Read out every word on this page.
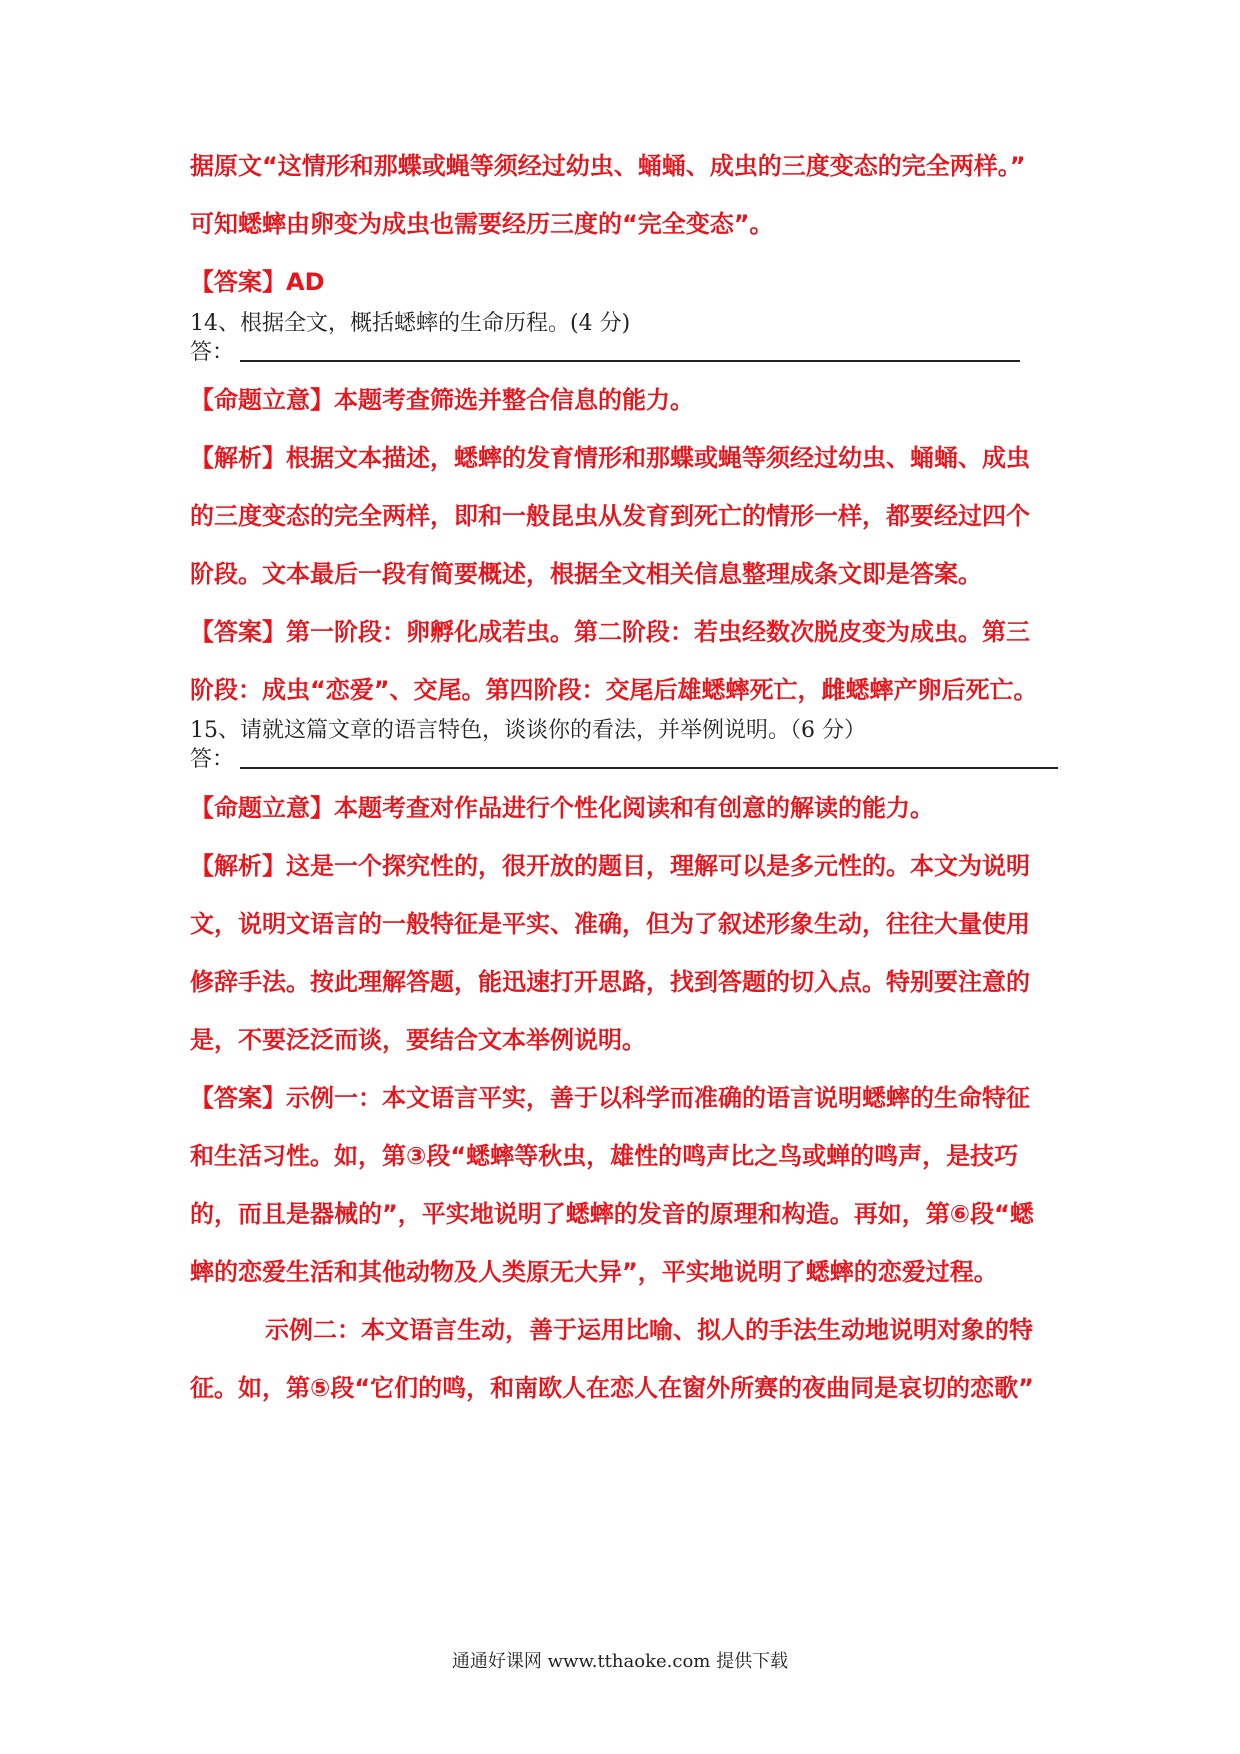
据原文“这情形和那蝶或蝇等须经过幼虫、蛹蛹、成虫的三度变态的完全两样。”
可知蟋蟀由卵变为成虫也需要经历三度的“完全变态”。
【答案】AD
14、根据全文，概括蟋蟀的生命历程。(4 分)
答：
【命题立意】本题考查筛选并整合信息的能力。
【解析】根据文本描述，蟋蟀的发育情形和那蝶或蝇等须经过幼虫、蛹蛹、成虫
的三度变态的完全两样，即和一般昆虫从发育到死亡的情形一样，都要经过四个
阶段。文本最后一段有简要概述，根据全文相关信息整理成条文即是答案。
【答案】第一阶段：卵孵化成若虫。第二阶段：若虫经数次脱皮变为成虫。第三
阶段：成虫“恋爱”、交尾。第四阶段：交尾后雄蟋蟀死亡，雌蟋蟀产卵后死亡。
15、请就这篇文章的语言特色，谈谈你的看法，并举例说明。（6 分）
答：
【命题立意】本题考查对作品进行个性化阅读和有创意的解读的能力。
【解析】这是一个探究性的，很开放的题目，理解可以是多元性的。本文为说明
文，说明文语言的一般特征是平实、准确，但为了叙述形象生动，往往大量使用
修辞手法。按此理解答题，能迅速打开思路，找到答题的切入点。特别要注意的
是，不要泛泛而谈，要结合文本举例说明。
【答案】示例一：本文语言平实，善于以科学而准确的语言说明蟋蟀的生命特征
和生活习性。如，第③段“蟋蟀等秋虫，雄性的鸣声比之鸟或蝉的鸣声，是技巧
的，而且是器械的”，平实地说明了蟋蟀的发音的原理和构造。再如，第⑥段“蟋
蟀的恋爱生活和其他动物及人类原无大异”，平实地说明了蟋蟀的恋爱过程。
示例二：本文语言生动，善于运用比喻、拟人的手法生动地说明对象的特
征。如，第⑤段“它们的鸣，和南欧人在恋人在窗外所赛的夜曲同是哀切的恋歌”
通通好课网 www.tthaoke.com 提供下载
